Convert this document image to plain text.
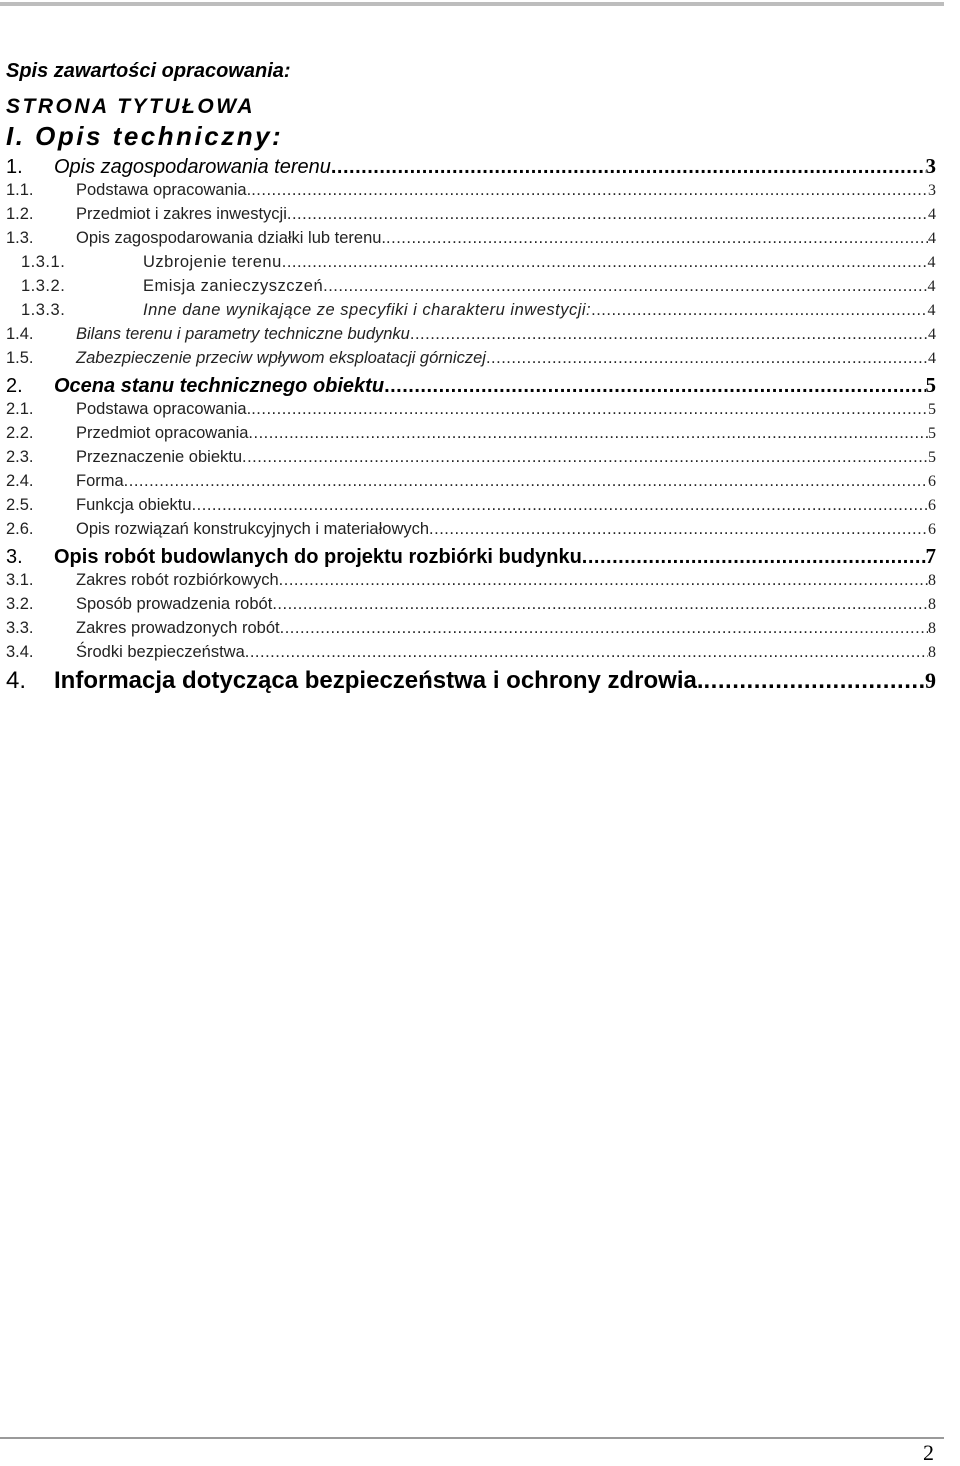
Spis zawartości opracowania:
STRONA TYTUŁOWA
I. Opis techniczny:
1.	Opis zagospodarowania terenu .....	3
1.1.	Podstawa opracowania. .....	3
1.2.	Przedmiot i zakres inwestycji .....	4
1.3.	Opis zagospodarowania działki lub terenu. .....	4
1.3.1.	Uzbrojenie terenu .....	4
1.3.2.	Emisja zanieczyszczeń .....	4
1.3.3.	Inne dane wynikające ze specyfiki i charakteru inwestycji: .....	4
1.4.	Bilans terenu i parametry techniczne budynku .....	4
1.5.	Zabezpieczenie przeciw wpływom eksploatacji górniczej .....	4
2.	Ocena stanu technicznego obiektu .....	5
2.1.	Podstawa opracowania. .....	5
2.2.	Przedmiot opracowania .....	5
2.3.	Przeznaczenie obiektu .....	5
2.4.	Forma .....	6
2.5.	Funkcja obiektu .....	6
2.6.	Opis rozwiązań konstrukcyjnych i materiałowych .....	6
3.	Opis robót budowlanych do projektu rozbiórki budynku .....	7
3.1.	Zakres robót rozbiórkowych .....	8
3.2.	Sposób prowadzenia robót .....	8
3.3.	Zakres prowadzonych robót .....	8
3.4.	Środki bezpieczeństwa .....	8
4.	Informacja dotycząca bezpieczeństwa i ochrony zdrowia. .....	9
2
